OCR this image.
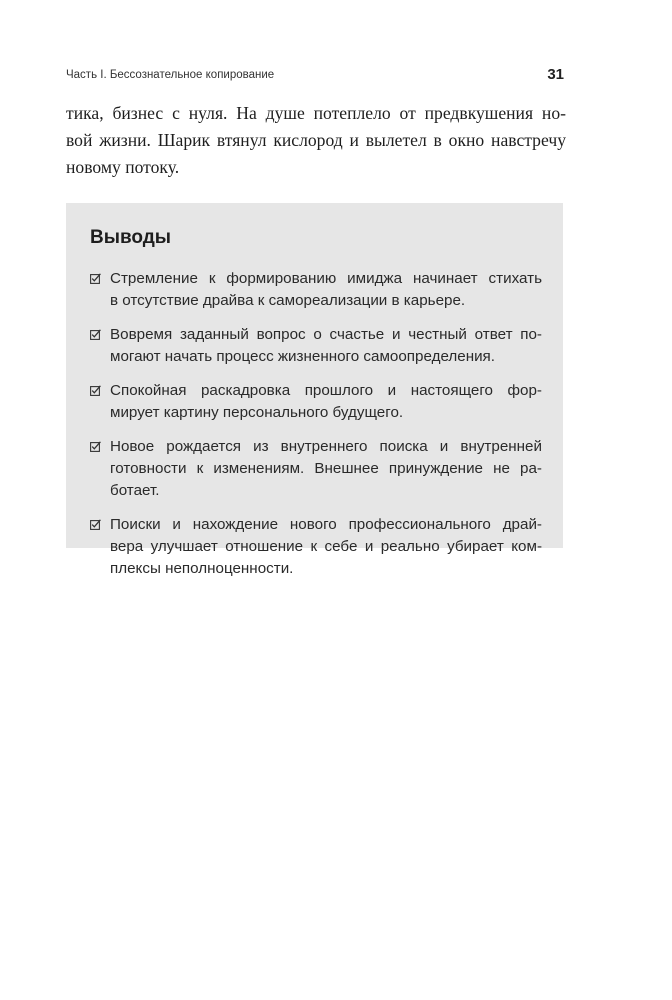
Часть I. Бессознательное копирование	31
тика, бизнес с нуля. На душе потеплело от предвкушения но-
вой жизни. Шарик втянул кислород и вылетел в окно навстречу
новому потоку.
Выводы
Стремление к формированию имиджа начинает стихать
в отсутствие драйва к самореализации в карьере.
Вовремя заданный вопрос о счастье и честный ответ по-
могают начать процесс жизненного самоопределения.
Спокойная раскадровка прошлого и настоящего фор-
мирует картину персонального будущего.
Новое рождается из внутреннего поиска и внутренней
готовности к изменениям. Внешнее принуждение не ра-
ботает.
Поиски и нахождение нового профессионального драй-
вера улучшает отношение к себе и реально убирает ком-
плексы неполноценности.
